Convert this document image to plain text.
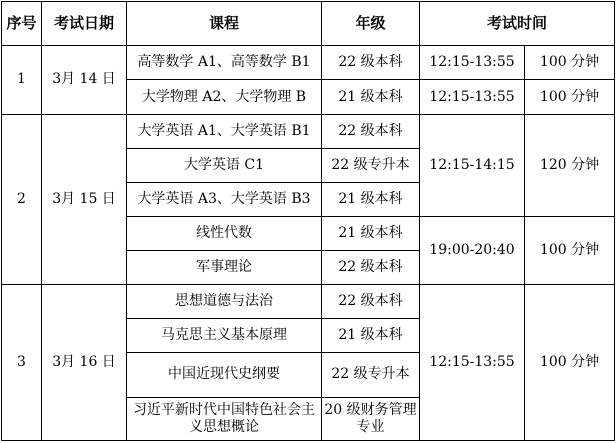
序号	考试日期	课程	年级	考试时间	
1	3月 14 日	高等数学 A1、高等数学 B1	22 级本科	12:15-13:55	100 分钟
		大学物理 A2、大学物理 B	21 级本科	12:15-13:55	100 分钟
2	3月 15 日	大学英语 A1、大学英语 B1	22 级本科	12:15-14:15	120 分钟
		大学英语 C1	22 级专升本		
		大学英语 A3、大学英语 B3	21 级本科		
		线性代数	21 级本科	19:00-20:40	100 分钟
		军事理论	22 级本科		
3	3月 16 日	思想道德与法治	22 级本科	12:15-13:55	100 分钟
		马克思主义基本原理	21 级本科		
		中国近现代史纲要	22 级专升本		
		习近平新时代中国特色社会主义思想概论	20 级财务管理专业		
